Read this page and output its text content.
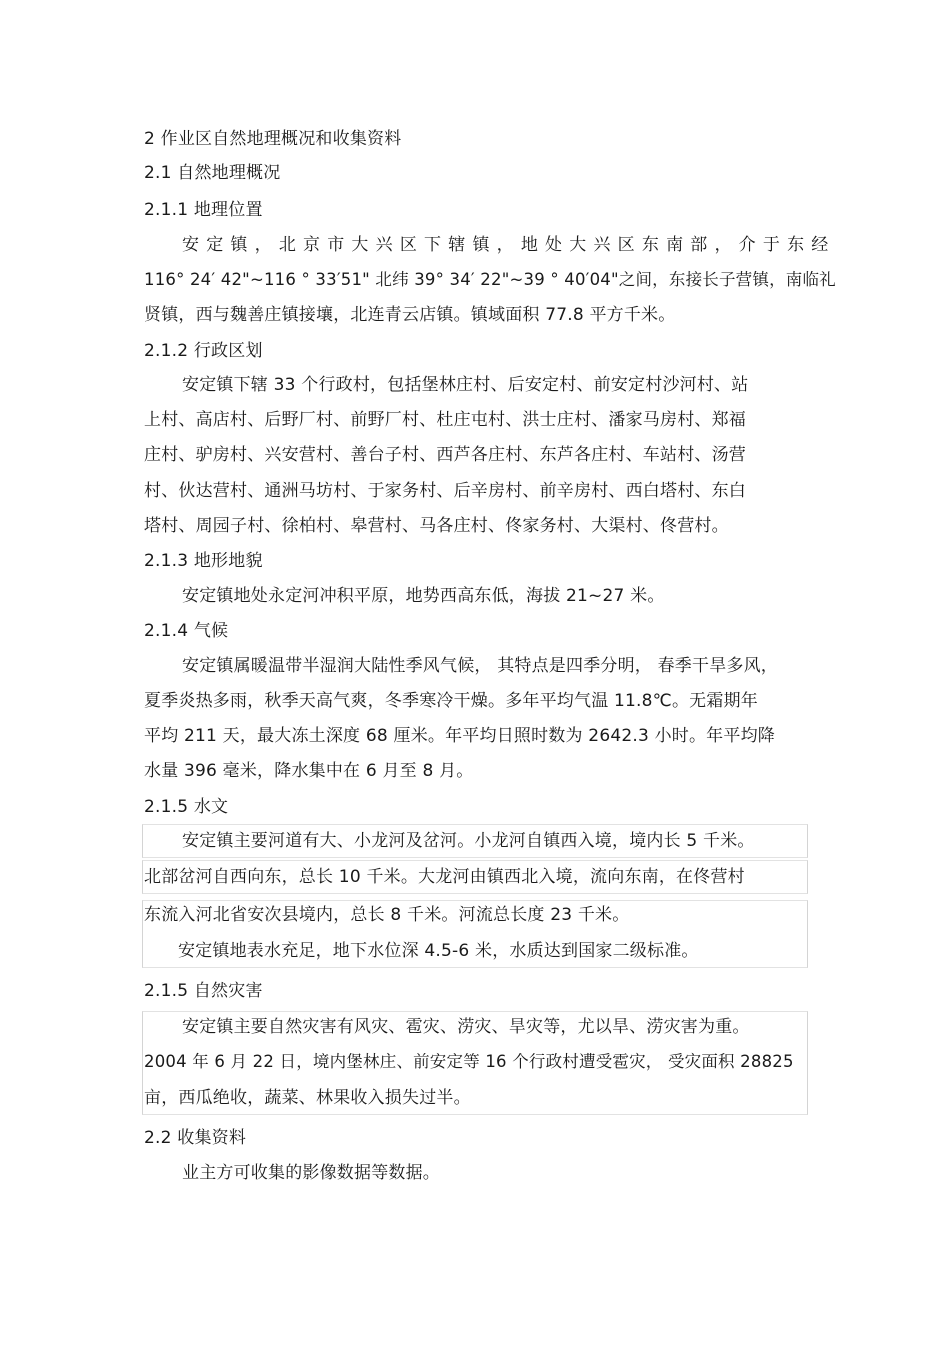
2 作业区自然地理概况和收集资料
2.1 自然地理概况
2.1.1 地理位置
安 定 镇 ， 北 京 市 大 兴 区 下 辖 镇 ， 地 处 大 兴 区 东 南 部 ， 介 于 东 经
116° 24′ 42"~116 ° 33′51" 北纬 39° 34′ 22"~39 ° 40′04"之间，东接长子营镇，南临礼
贤镇，西与魏善庄镇接壤，北连青云店镇。镇域面积 77.8 平方千米。
2.1.2 行政区划
安定镇下辖 33 个行政村，包括堡林庄村、后安定村、前安定村沙河村、站
上村、高店村、后野厂村、前野厂村、杜庄屯村、洪士庄村、潘家马房村、郑福
庄村、驴房村、兴安营村、善台子村、西芦各庄村、东芦各庄村、车站村、汤营
村、伙达营村、通洲马坊村、于家务村、后辛房村、前辛房村、西白塔村、东白
塔村、周园子村、徐柏村、皋营村、马各庄村、佟家务村、大渠村、佟营村。
2.1.3 地形地貌
安定镇地处永定河冲积平原，地势西高东低，海拔 21~27 米。
2.1.4 气候
安定镇属暖温带半湿润大陆性季风气候， 其特点是四季分明， 春季干旱多风，
夏季炎热多雨，秋季天高气爽，冬季寒冷干燥。多年平均气温 11.8℃。无霜期年
平均 211 天，最大冻土深度 68 厘米。年平均日照时数为 2642.3 小时。年平均降
水量 396 毫米，降水集中在 6 月至 8 月。
2.1.5 水文
安定镇主要河道有大、小龙河及岔河。小龙河自镇西入境，境内长 5 千米。
北部岔河自西向东，总长 10 千米。大龙河由镇西北入境，流向东南，在佟营村
东流入河北省安次县境内，总长 8 千米。河流总长度 23 千米。
安定镇地表水充足，地下水位深 4.5-6 米，水质达到国家二级标准。
2.1.5 自然灾害
安定镇主要自然灾害有风灾、雹灾、涝灾、旱灾等，尤以旱、涝灾害为重。
2004 年 6 月 22 日，境内堡林庄、前安定等 16 个行政村遭受雹灾， 受灾面积 28825
亩，西瓜绝收，蔬菜、林果收入损失过半。
2.2 收集资料
业主方可收集的影像数据等数据。
